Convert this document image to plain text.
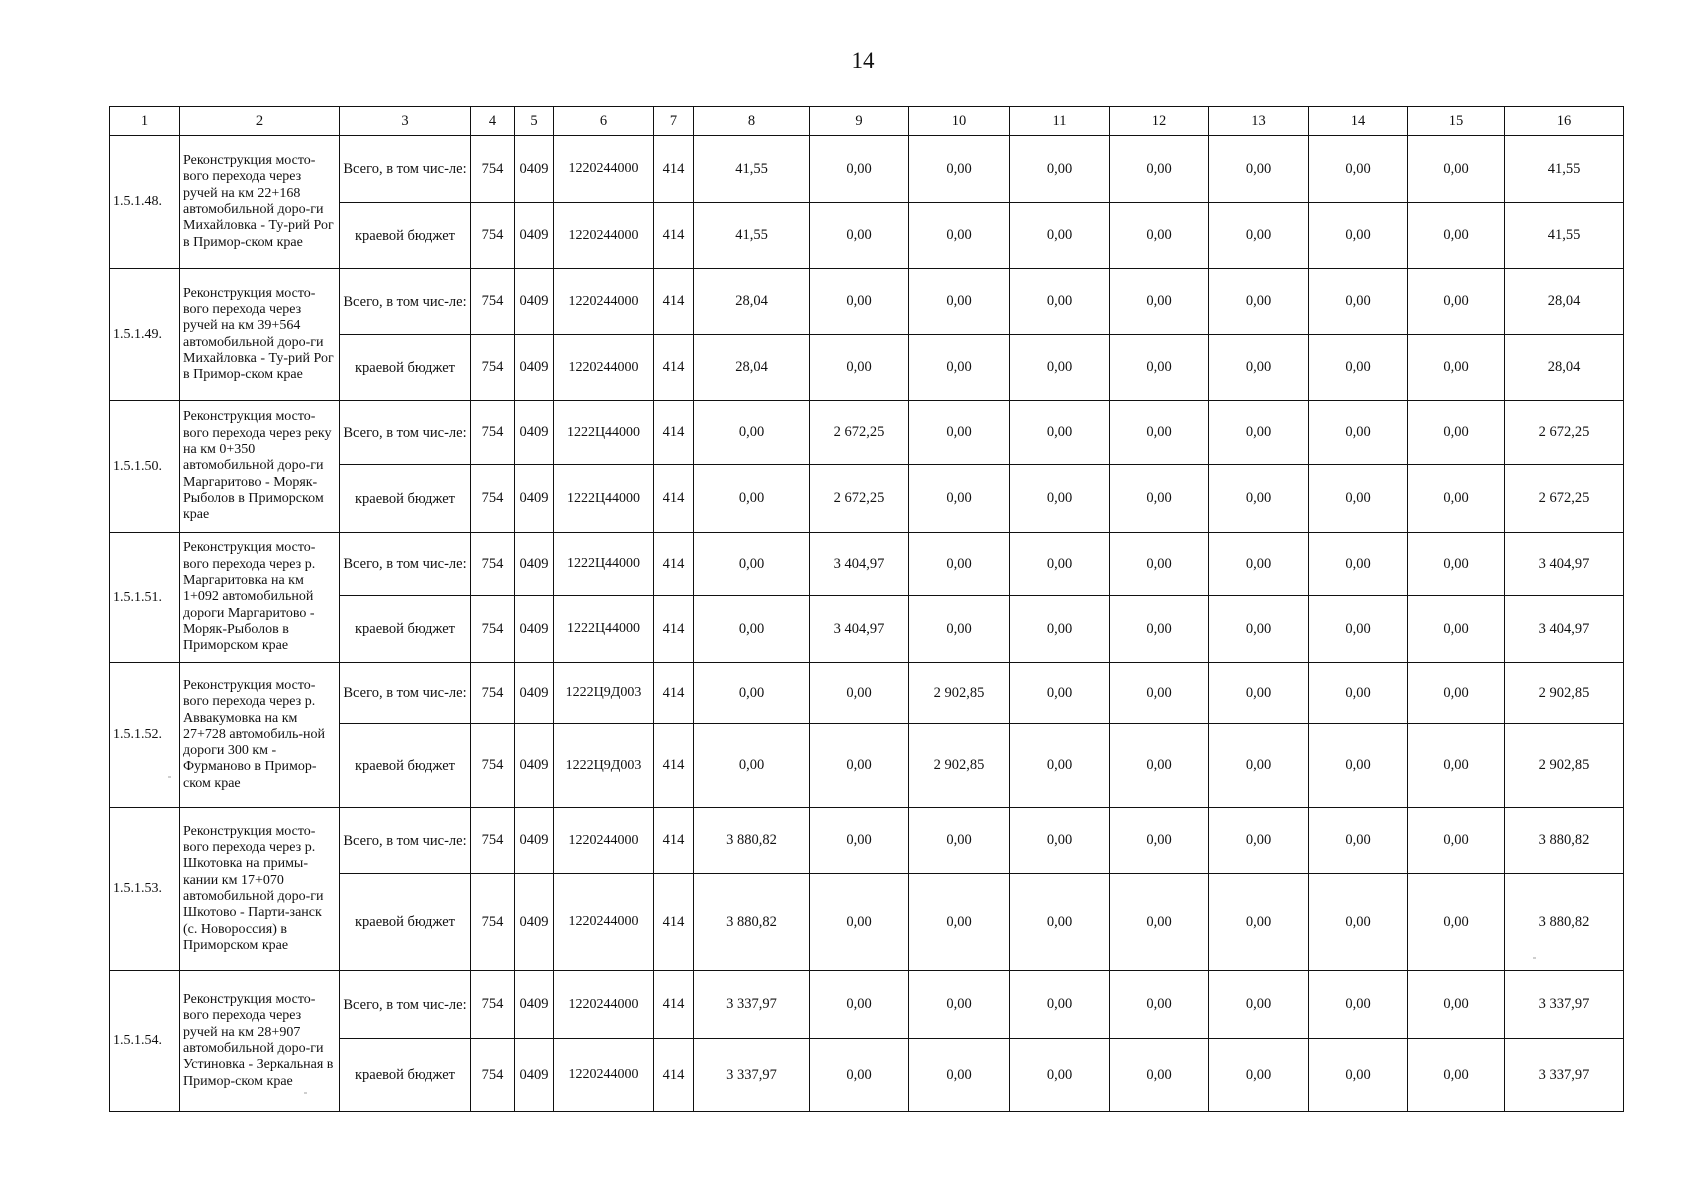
14
1	2	3	4	5	6	7	8	9	10	11	12	13	14	15	16
1.5.1.48.	Реконструкция мосто-вого перехода через ручей на км 22+168 автомобильной доро-ги Михайловка - Ту-рий Рог в Примор-ском крае	Всего, в том чис-ле:	754	0409	1220244000	414	41,55	0,00	0,00	0,00	0,00	0,00	0,00	0,00	41,55
		краевой бюджет	754	0409	1220244000	414	41,55	0,00	0,00	0,00	0,00	0,00	0,00	0,00	41,55
1.5.1.49.	Реконструкция мосто-вого перехода через ручей на км 39+564 автомобильной доро-ги Михайловка - Ту-рий Рог в Примор-ском крае	Всего, в том чис-ле:	754	0409	1220244000	414	28,04	0,00	0,00	0,00	0,00	0,00	0,00	0,00	28,04
		краевой бюджет	754	0409	1220244000	414	28,04	0,00	0,00	0,00	0,00	0,00	0,00	0,00	28,04
1.5.1.50.	Реконструкция мосто-вого перехода через реку на км 0+350 автомобильной доро-ги Маргаритово - Моряк-Рыболов в Приморском крае	Всего, в том чис-ле:	754	0409	1222Ц44000	414	0,00	2 672,25	0,00	0,00	0,00	0,00	0,00	0,00	2 672,25
		краевой бюджет	754	0409	1222Ц44000	414	0,00	2 672,25	0,00	0,00	0,00	0,00	0,00	0,00	2 672,25
1.5.1.51.	Реконструкция мосто-вого перехода через р. Маргаритовка на км 1+092 автомобильной дороги Маргаритово - Моряк-Рыболов в Приморском крае	Всего, в том чис-ле:	754	0409	1222Ц44000	414	0,00	3 404,97	0,00	0,00	0,00	0,00	0,00	0,00	3 404,97
		краевой бюджет	754	0409	1222Ц44000	414	0,00	3 404,97	0,00	0,00	0,00	0,00	0,00	0,00	3 404,97
1.5.1.52.	Реконструкция мосто-вого перехода через р. Аввакумовка на км 27+728 автомобиль-ной дороги 300 км - Фурманово в Примор-ском крае	Всего, в том чис-ле:	754	0409	1222Ц9Д003	414	0,00	0,00	2 902,85	0,00	0,00	0,00	0,00	0,00	2 902,85
		краевой бюджет	754	0409	1222Ц9Д003	414	0,00	0,00	2 902,85	0,00	0,00	0,00	0,00	0,00	2 902,85
1.5.1.53.	Реконструкция мосто-вого перехода через р. Шкотовка на примы-кании км 17+070 автомобильной доро-ги Шкотово - Парти-занск (с. Новороссия) в Приморском крае	Всего, в том чис-ле:	754	0409	1220244000	414	3 880,82	0,00	0,00	0,00	0,00	0,00	0,00	0,00	3 880,82
		краевой бюджет	754	0409	1220244000	414	3 880,82	0,00	0,00	0,00	0,00	0,00	0,00	0,00	3 880,82
1.5.1.54.	Реконструкция мосто-вого перехода через ручей на км 28+907 автомобильной доро-ги Устиновка - Зеркальная в Примор-ском крае	Всего, в том чис-ле:	754	0409	1220244000	414	3 337,97	0,00	0,00	0,00	0,00	0,00	0,00	0,00	3 337,97
		краевой бюджет	754	0409	1220244000	414	3 337,97	0,00	0,00	0,00	0,00	0,00	0,00	0,00	3 337,97
